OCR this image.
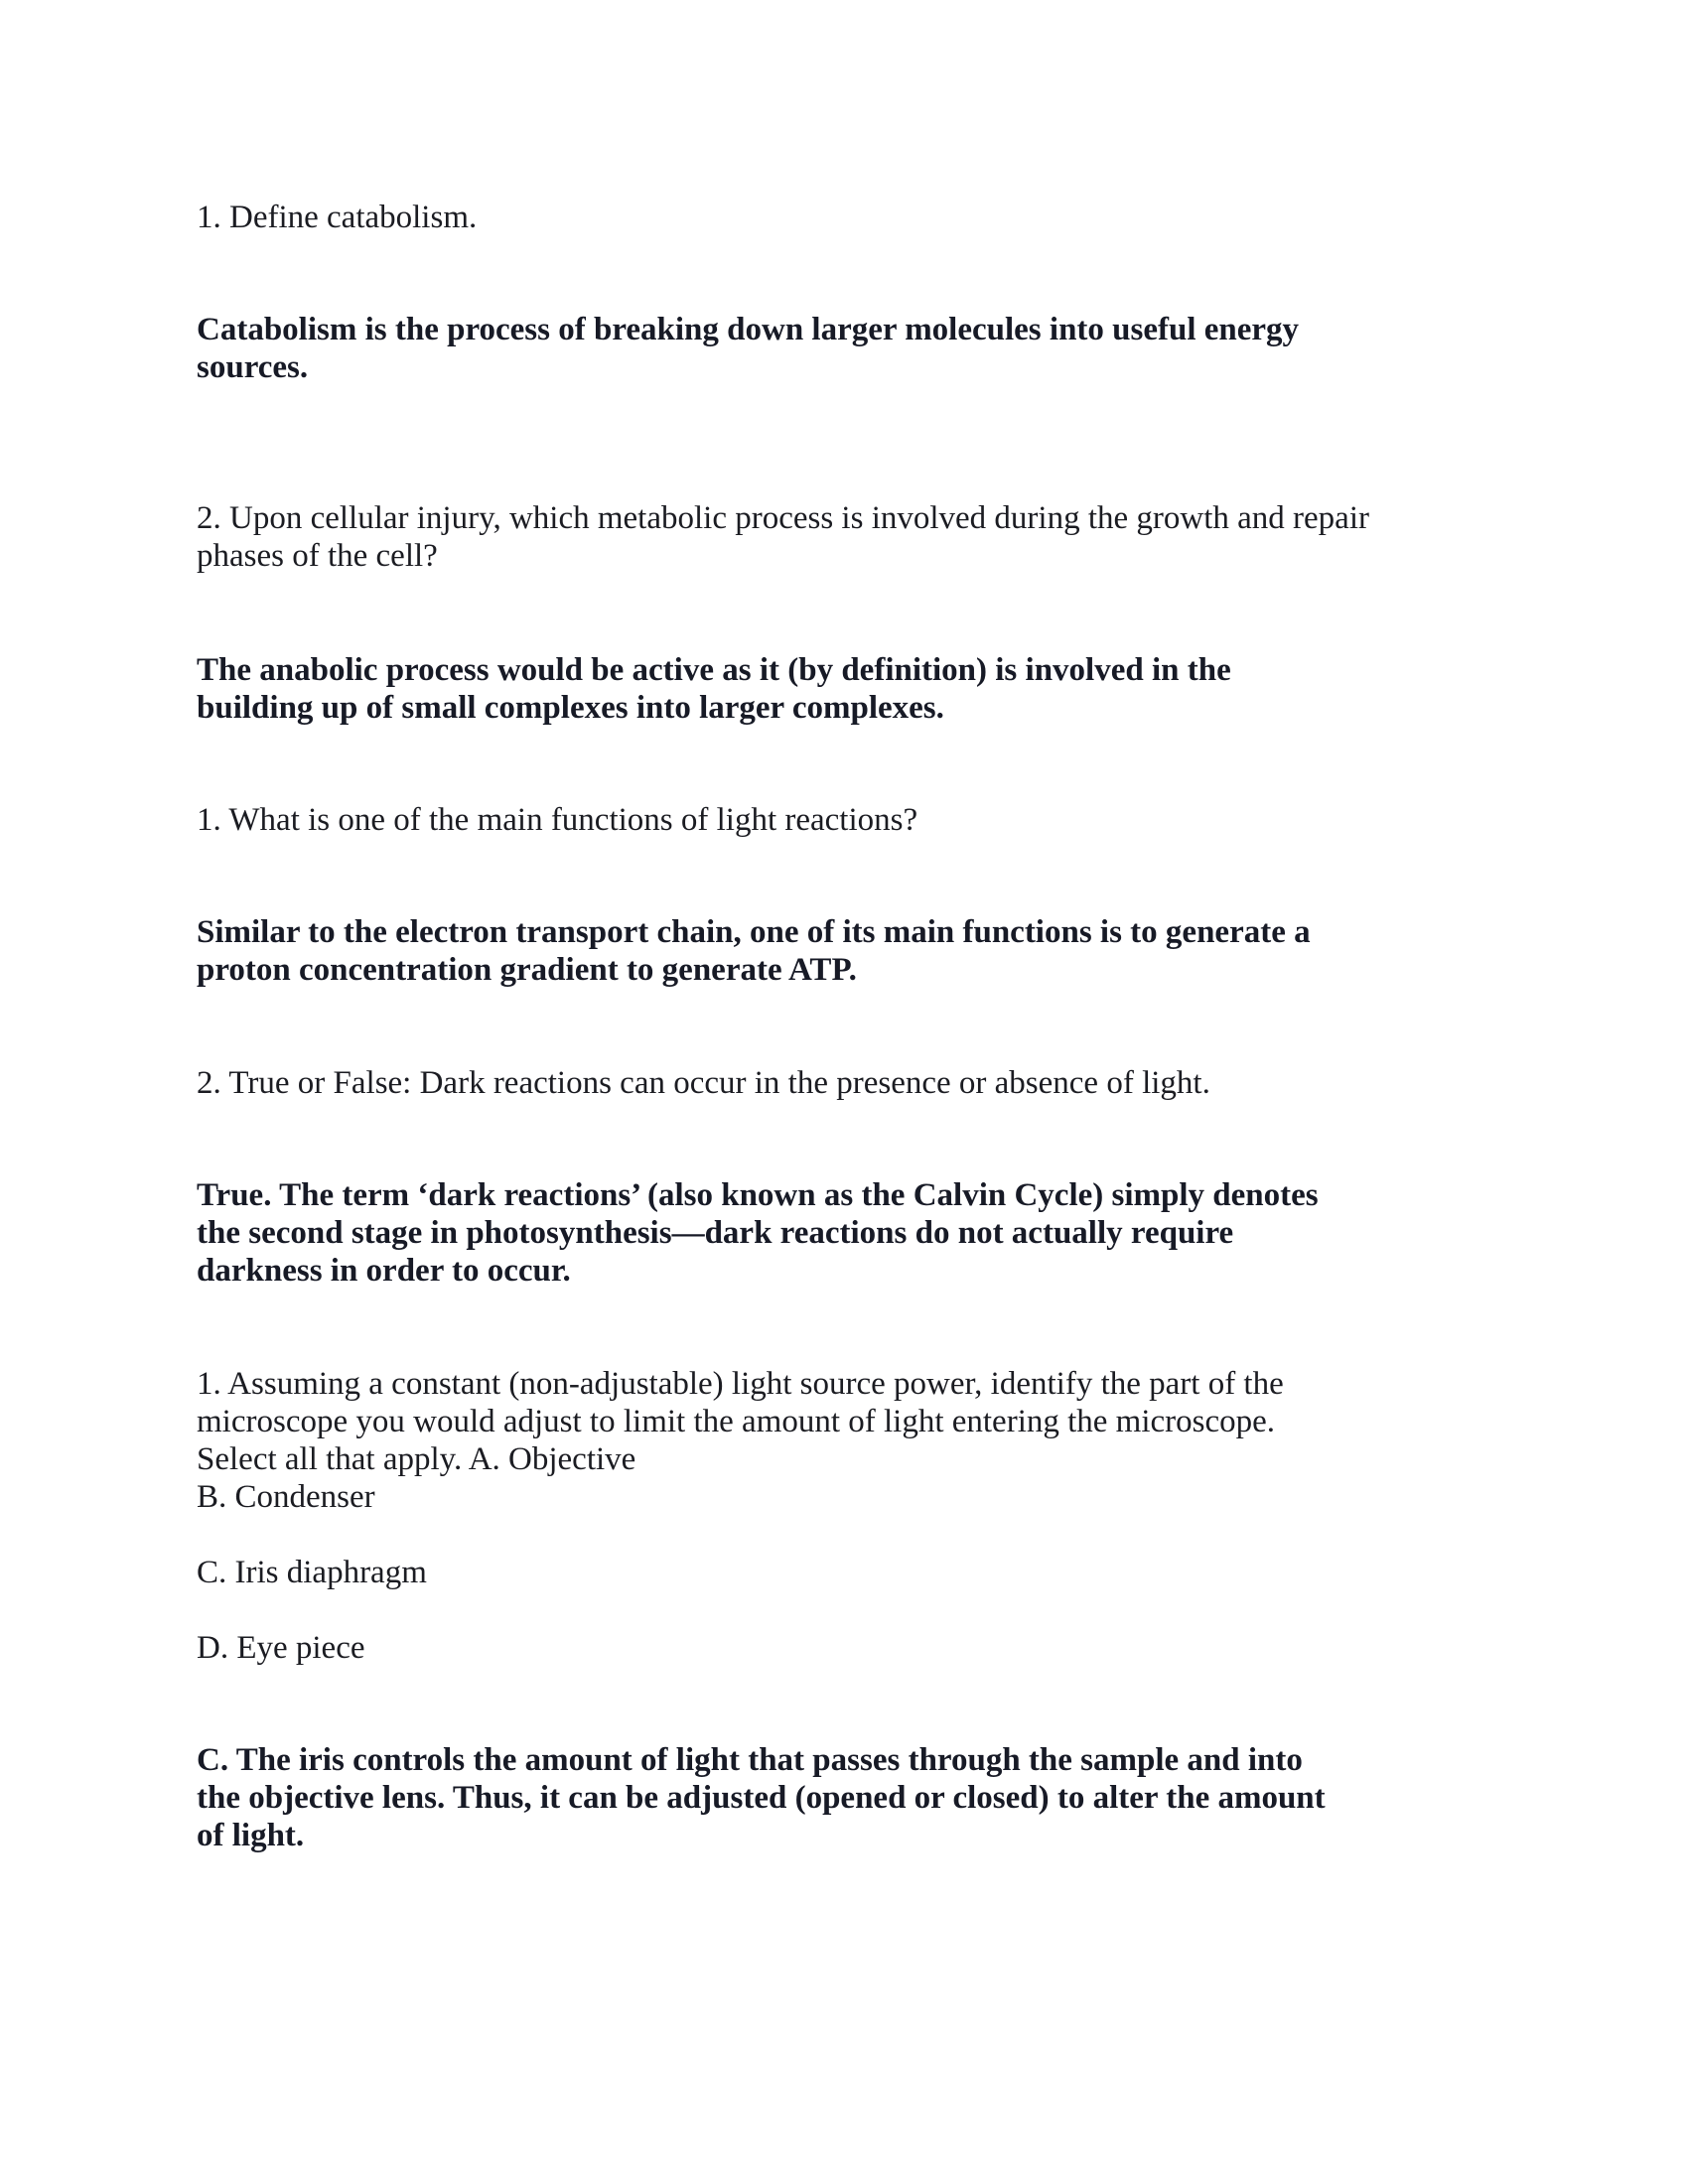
1. Define catabolism.

Catabolism is the process of breaking down larger molecules into useful energy
sources.

2. Upon cellular injury, which metabolic process is involved during the growth and repair
phases of the cell?

The anabolic process would be active as it (by definition) is involved in the
building up of small complexes into larger complexes.

1. What is one of the main functions of light reactions?

Similar to the electron transport chain, one of its main functions is to generate a
proton concentration gradient to generate ATP.

2. True or False: Dark reactions can occur in the presence or absence of light.

True. The term ‘dark reactions’ (also known as the Calvin Cycle) simply denotes
the second stage in photosynthesis—dark reactions do not actually require
darkness in order to occur.

1. Assuming a constant (non-adjustable) light source power, identify the part of the
microscope you would adjust to limit the amount of light entering the microscope.
Select all that apply. A. Objective
B. Condenser

C. Iris diaphragm

D. Eye piece

C. The iris controls the amount of light that passes through the sample and into
the objective lens. Thus, it can be adjusted (opened or closed) to alter the amount
of light.
